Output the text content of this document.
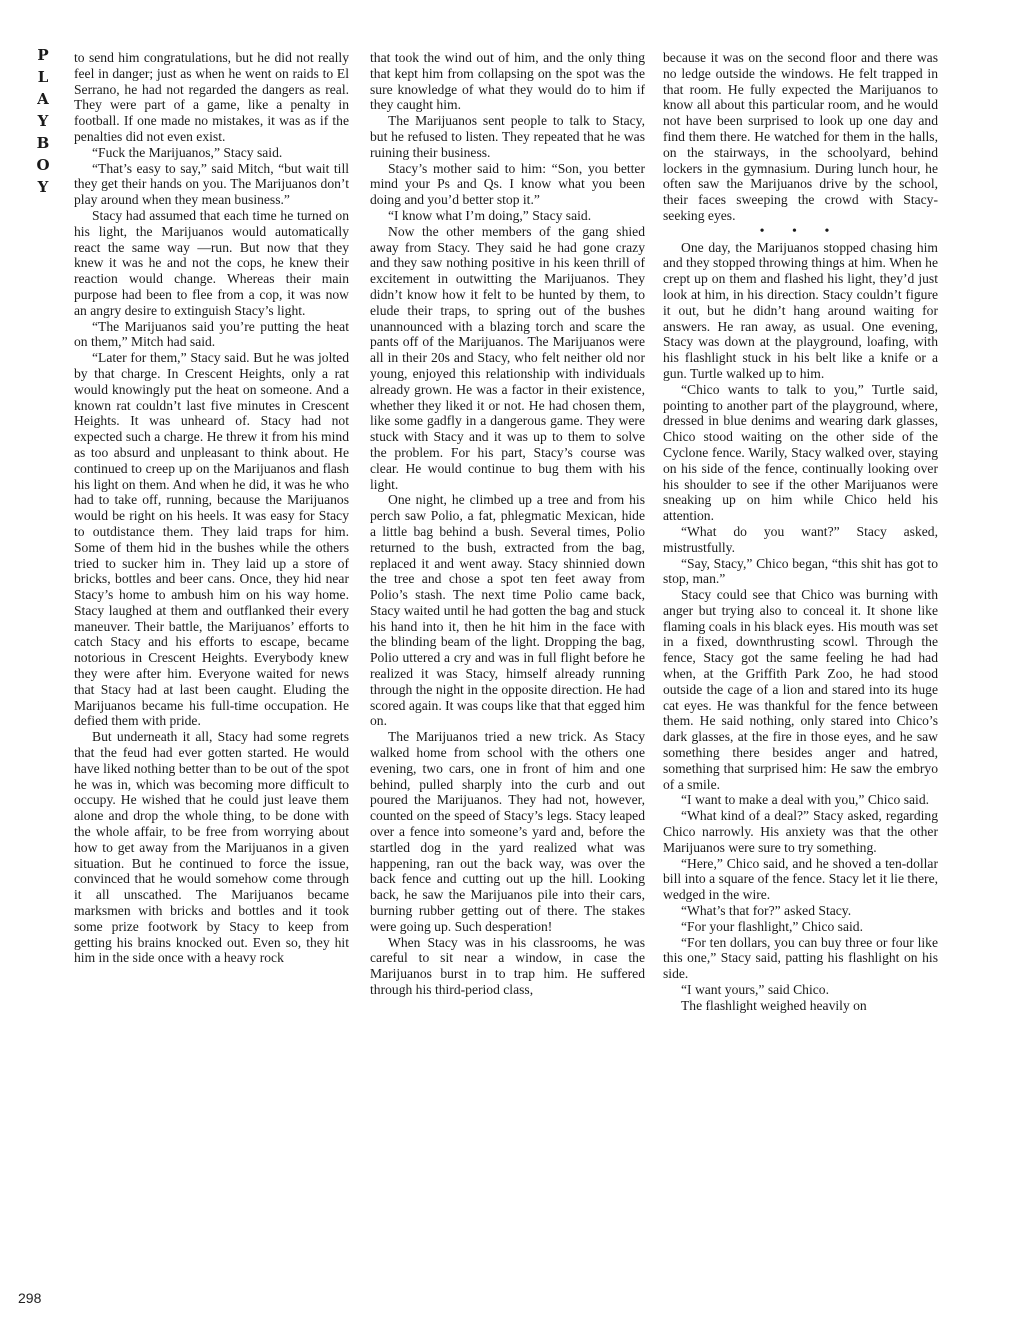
P
L
A
Y
B
O
Y
298

to send him congratulations, but he did not really feel in danger; just as when he went on raids to El Serrano, he had not regarded the dangers as real. They were part of a game, like a penalty in football. If one made no mistakes, it was as if the penalties did not even exist.

“Fuck the Marijuanos,” Stacy said.

“That’s easy to say,” said Mitch, “but wait till they get their hands on you. The Marijuanos don’t play around when they mean business.”

Stacy had assumed that each time he turned on his light, the Marijuanos would automatically react the same way —run. But now that they knew it was he and not the cops, he knew their reaction would change. Whereas their main purpose had been to flee from a cop, it was now an angry desire to extinguish Stacy’s light.

“The Marijuanos said you’re putting the heat on them,” Mitch had said.

“Later for them,” Stacy said. But he was jolted by that charge. In Crescent Heights, only a rat would knowingly put the heat on someone. And a known rat couldn’t last five minutes in Crescent Heights. It was unheard of. Stacy had not expected such a charge. He threw it from his mind as too absurd and unpleasant to think about. He continued to creep up on the Marijuanos and flash his light on them. And when he did, it was he who had to take off, running, because the Marijuanos would be right on his heels. It was easy for Stacy to outdistance them. They laid traps for him. Some of them hid in the bushes while the others tried to sucker him in. They laid up a store of bricks, bottles and beer cans. Once, they hid near Stacy’s home to ambush him on his way home. Stacy laughed at them and outflanked their every maneuver. Their battle, the Marijuanos’ efforts to catch Stacy and his efforts to escape, became notorious in Crescent Heights. Everybody knew they were after him. Everyone waited for news that Stacy had at last been caught. Eluding the Marijuanos became his full-time occupation. He defied them with pride.

But underneath it all, Stacy had some regrets that the feud had ever gotten started. He would have liked nothing better than to be out of the spot he was in, which was becoming more difficult to occupy. He wished that he could just leave them alone and drop the whole thing, to be done with the whole affair, to be free from worrying about how to get away from the Marijuanos in a given situation. But he continued to force the issue, convinced that he would somehow come through it all unscathed. The Marijuanos became marksmen with bricks and bottles and it took some prize footwork by Stacy to keep from getting his brains knocked out. Even so, they hit him in the side once with a heavy rock

that took the wind out of him, and the only thing that kept him from collapsing on the spot was the sure knowledge of what they would do to him if they caught him.

The Marijuanos sent people to talk to Stacy, but he refused to listen. They repeated that he was ruining their business.

Stacy’s mother said to him: “Son, you better mind your Ps and Qs. I know what you been doing and you’d better stop it.”

“I know what I’m doing,” Stacy said.

Now the other members of the gang shied away from Stacy. They said he had gone crazy and they saw nothing positive in his keen thrill of excitement in outwitting the Marijuanos. They didn’t know how it felt to be hunted by them, to elude their traps, to spring out of the bushes unannounced with a blazing torch and scare the pants off of the Marijuanos. The Marijuanos were all in their 20s and Stacy, who felt neither old nor young, enjoyed this relationship with individuals already grown. He was a factor in their existence, whether they liked it or not. He had chosen them, like some gadfly in a dangerous game. They were stuck with Stacy and it was up to them to solve the problem. For his part, Stacy’s course was clear. He would continue to bug them with his light.

One night, he climbed up a tree and from his perch saw Polio, a fat, phlegmatic Mexican, hide a little bag behind a bush. Several times, Polio returned to the bush, extracted from the bag, replaced it and went away. Stacy shinnied down the tree and chose a spot ten feet away from Polio’s stash. The next time Polio came back, Stacy waited until he had gotten the bag and stuck his hand into it, then he hit him in the face with the blinding beam of the light. Dropping the bag, Polio uttered a cry and was in full flight before he realized it was Stacy, himself already running through the night in the opposite direction. He had scored again. It was coups like that that egged him on.

The Marijuanos tried a new trick. As Stacy walked home from school with the others one evening, two cars, one in front of him and one behind, pulled sharply into the curb and out poured the Marijuanos. They had not, however, counted on the speed of Stacy’s legs. Stacy leaped over a fence into someone’s yard and, before the startled dog in the yard realized what was happening, ran out the back way, was over the back fence and cutting out up the hill. Looking back, he saw the Marijuanos pile into their cars, burning rubber getting out of there. The stakes were going up. Such desperation!

When Stacy was in his classrooms, he was careful to sit near a window, in case the Marijuanos burst in to trap him. He suffered through his third-period class,

because it was on the second floor and there was no ledge outside the windows. He felt trapped in that room. He fully expected the Marijuanos to know all about this particular room, and he would not have been surprised to look up one day and find them there. He watched for them in the halls, on the stairways, in the schoolyard, behind lockers in the gymnasium. During lunch hour, he often saw the Marijuanos drive by the school, their faces sweeping the crowd with Stacy-seeking eyes.

• • •

One day, the Marijuanos stopped chasing him and they stopped throwing things at him. When he crept up on them and flashed his light, they’d just look at him, in his direction. Stacy couldn’t figure it out, but he didn’t hang around waiting for answers. He ran away, as usual. One evening, Stacy was down at the playground, loafing, with his flashlight stuck in his belt like a knife or a gun. Turtle walked up to him.

“Chico wants to talk to you,” Turtle said, pointing to another part of the playground, where, dressed in blue denims and wearing dark glasses, Chico stood waiting on the other side of the Cyclone fence. Warily, Stacy walked over, staying on his side of the fence, continually looking over his shoulder to see if the other Marijuanos were sneaking up on him while Chico held his attention.

“What do you want?” Stacy asked, mistrustfully.

“Say, Stacy,” Chico began, “this shit has got to stop, man.”

Stacy could see that Chico was burning with anger but trying also to conceal it. It shone like flaming coals in his black eyes. His mouth was set in a fixed, downthrusting scowl. Through the fence, Stacy got the same feeling he had had when, at the Griffith Park Zoo, he had stood outside the cage of a lion and stared into its huge cat eyes. He was thankful for the fence between them. He said nothing, only stared into Chico’s dark glasses, at the fire in those eyes, and he saw something there besides anger and hatred, something that surprised him: He saw the embryo of a smile.

“I want to make a deal with you,” Chico said.

“What kind of a deal?” Stacy asked, regarding Chico narrowly. His anxiety was that the other Marijuanos were sure to try something.

“Here,” Chico said, and he shoved a ten-dollar bill into a square of the fence. Stacy let it lie there, wedged in the wire.

“What’s that for?” asked Stacy.

“For your flashlight,” Chico said.

“For ten dollars, you can buy three or four like this one,” Stacy said, patting his flashlight on his side.

“I want yours,” said Chico.

The flashlight weighed heavily on
